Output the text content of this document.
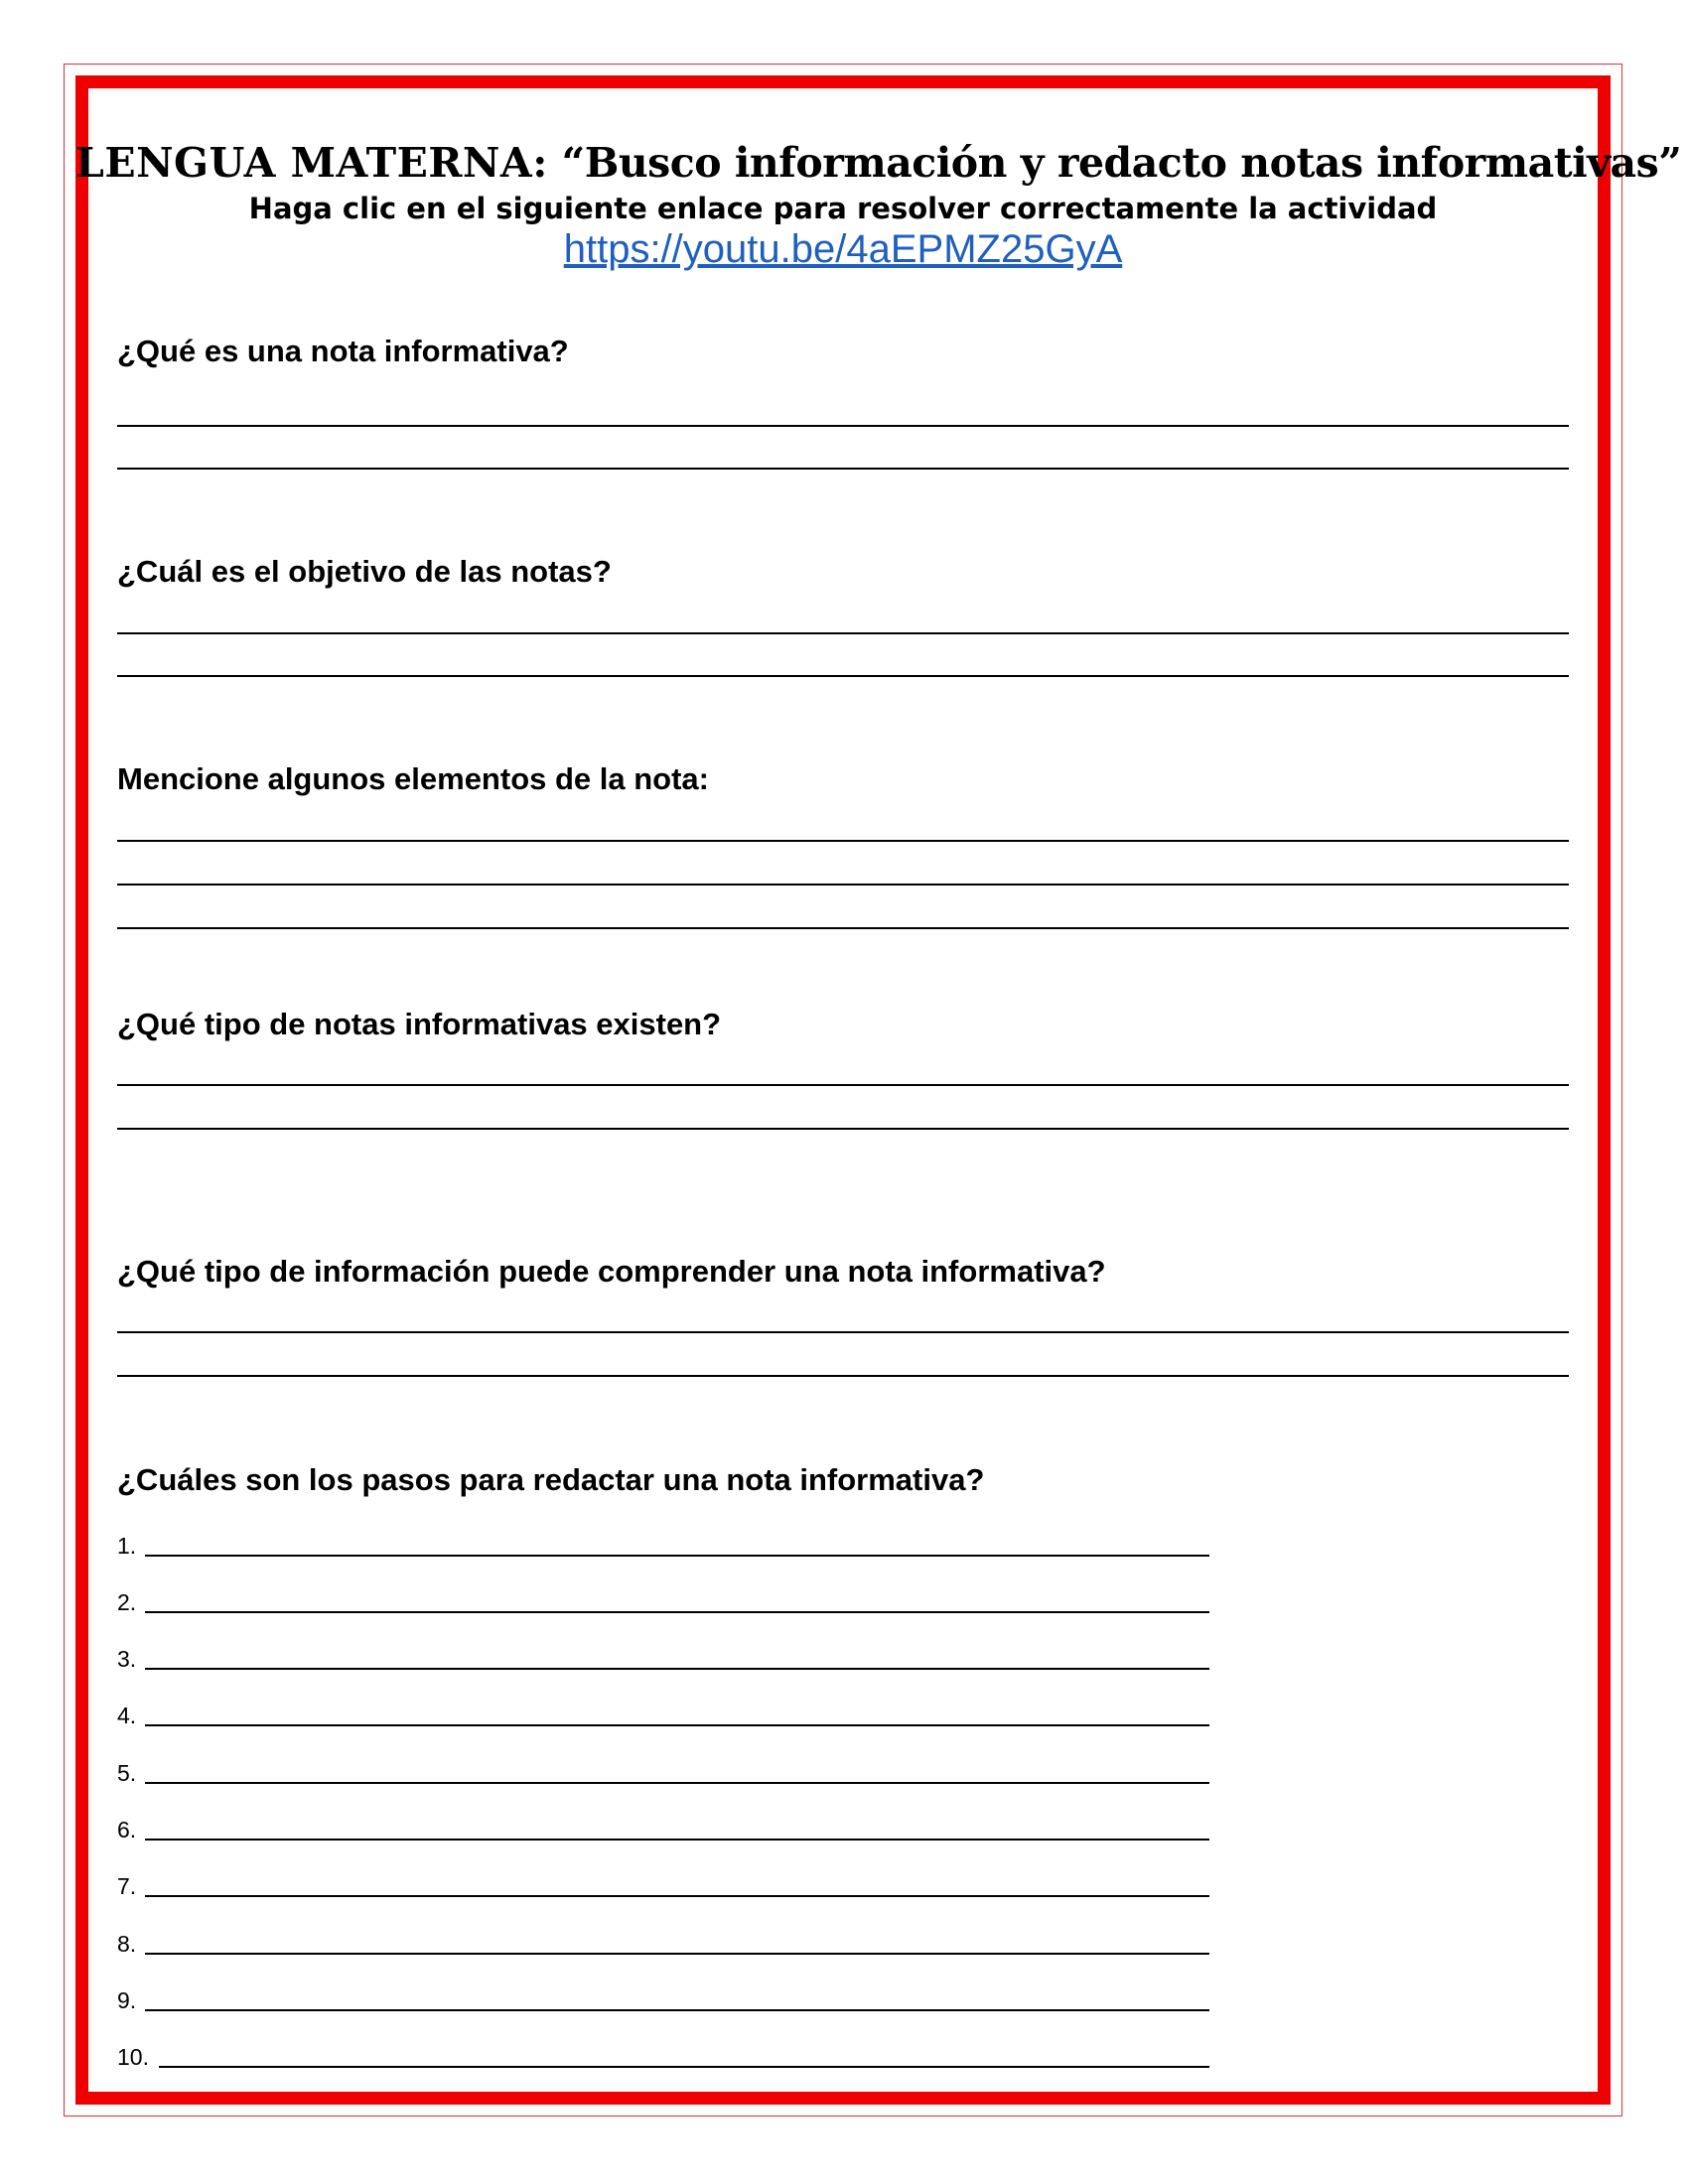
LENGUA MATERNA: “Busco información y redacto notas informativas”
Haga clic en el siguiente enlace para resolver correctamente la actividad
https://youtu.be/4aEPMZ25GyA
¿Qué es una nota informativa?
¿Cuál es el objetivo de las notas?
Mencione algunos elementos de la nota:
¿Qué tipo de notas informativas existen?
¿Qué tipo de información puede comprender una nota informativa?
¿Cuáles son los pasos para redactar una nota informativa?
1.
2.
3.
4.
5.
6.
7.
8.
9.
10.
